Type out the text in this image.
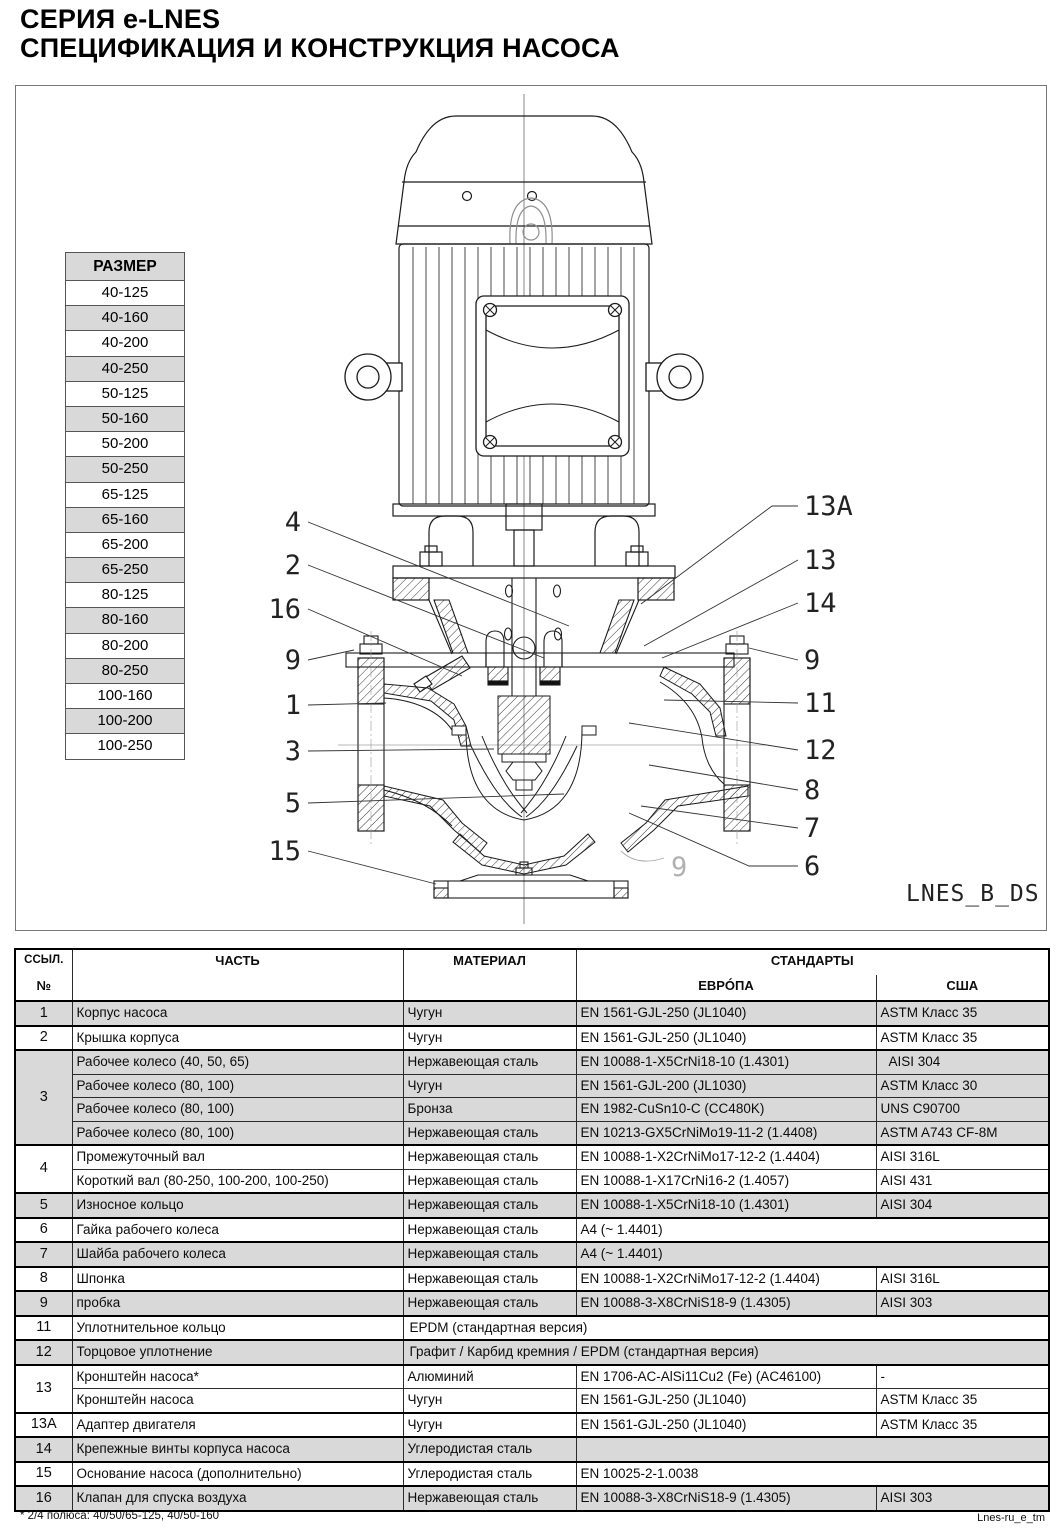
СЕРИЯ e-LNES
СПЕЦИФИКАЦИЯ И КОНСТРУКЦИЯ НАСОСА
4
2
16
9
1
3
5
15
13A
13
14
9
11
12
8
7
6
9
LNES_B_DS
РАЗМЕР
40-125
40-160
40-200
40-250
50-125
50-160
50-200
50-250
65-125
65-160
65-200
65-250
80-125
80-160
80-200
80-250
100-160
100-200
100-250
ССЫЛ.	ЧАСТЬ	МАТЕРИАЛ	СТАНДАРТЫ	
№			ЕВРÓПА	США
1	Корпус насоса	Чугун	EN 1561-GJL-250 (JL1040)	ASTM Класс 35
2	Крышка корпуса	Чугун	EN 1561-GJL-250 (JL1040)	ASTM Класс 35
3	Рабочее колесо (40, 50, 65)	Нержавеющая сталь	EN 10088-1-X5CrNi18-10 (1.4301)	AISI 304
	Рабочее колесо (80, 100)	Чугун	EN 1561-GJL-200 (JL1030)	ASTM Класс 30
	Рабочее колесо (80, 100)	Бронза	EN 1982-CuSn10-C (CC480K)	UNS C90700
	Рабочее колесо (80, 100)	Нержавеющая сталь	EN 10213-GX5CrNiMo19-11-2 (1.4408)	ASTM A743 CF-8M
4	Промежуточный вал	Нержавеющая сталь	EN 10088-1-X2CrNiMo17-12-2 (1.4404)	AISI 316L
	Короткий вал (80-250, 100-200, 100-250)	Нержавеющая сталь	EN 10088-1-X17CrNi16-2 (1.4057)	AISI 431
5	Износное кольцо	Нержавеющая сталь	EN 10088-1-X5CrNi18-10 (1.4301)	AISI 304
6	Гайка рабочего колеса	Нержавеющая сталь	A4 (~ 1.4401)	
7	Шайба рабочего колеса	Нержавеющая сталь	A4 (~ 1.4401)	
8	Шпонка	Нержавеющая сталь	EN 10088-1-X2CrNiMo17-12-2 (1.4404)	AISI 316L
9	пробка	Нержавеющая сталь	EN 10088-3-X8CrNiS18-9 (1.4305)	AISI 303
11	Уплотнительное кольцо	EPDM (стандартная версия)		
12	Торцовое уплотнение	Графит / Карбид кремния / EPDM (стандартная версия)		
13	Кронштейн насоса*	Алюминий	EN 1706-AC-AlSi11Cu2 (Fe) (AC46100)	-
	Кронштейн насоса	Чугун	EN 1561-GJL-250 (JL1040)	ASTM Класс 35
13A	Адаптер двигателя	Чугун	EN 1561-GJL-250 (JL1040)	ASTM Класс 35
14	Крепежные винты корпуса насоса	Углеродистая сталь		
15	Основание насоса (дополнительно)	Углеродистая сталь	EN 10025-2-1.0038	
16	Клапан для спуска воздуха	Нержавеющая сталь	EN 10088-3-X8CrNiS18-9 (1.4305)	AISI 303
* 2/4 полюса: 40/50/65-125, 40/50-160	Lnes-ru_e_tm
